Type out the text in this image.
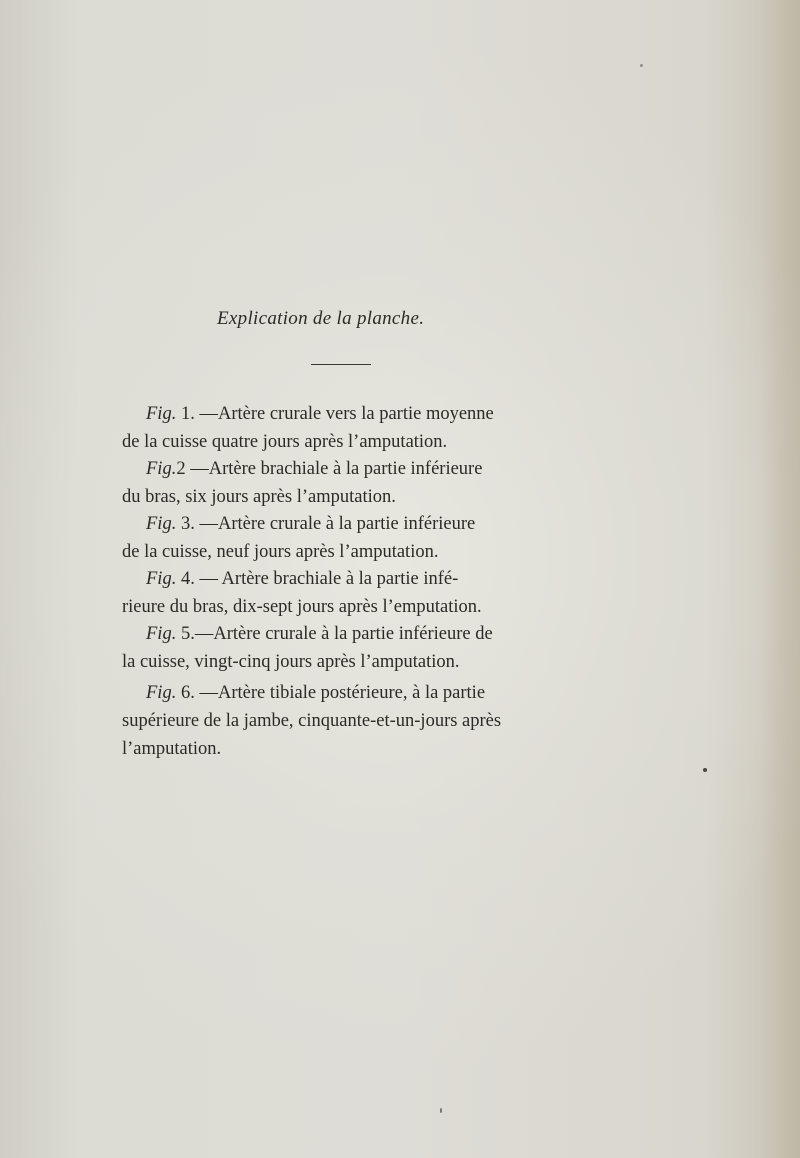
Explication de la planche.
Fig. 1. —Artère crurale vers la partie moyenne
de la cuisse quatre jours après l’amputation.
Fig.2 —Artère brachiale à la partie inférieure
du bras, six jours après l’amputation.
Fig. 3. —Artère crurale à la partie inférieure
de la cuisse, neuf jours après l’amputation.
Fig. 4. — Artère brachiale à la partie infé-
rieure du bras, dix-sept jours après l’emputation.
Fig. 5.—Artère crurale à la partie inférieure de
la cuisse, vingt-cinq jours après l’amputation.
Fig. 6. —Artère tibiale postérieure, à la partie
supérieure de la jambe, cinquante-et-un-jours après
l’amputation.
